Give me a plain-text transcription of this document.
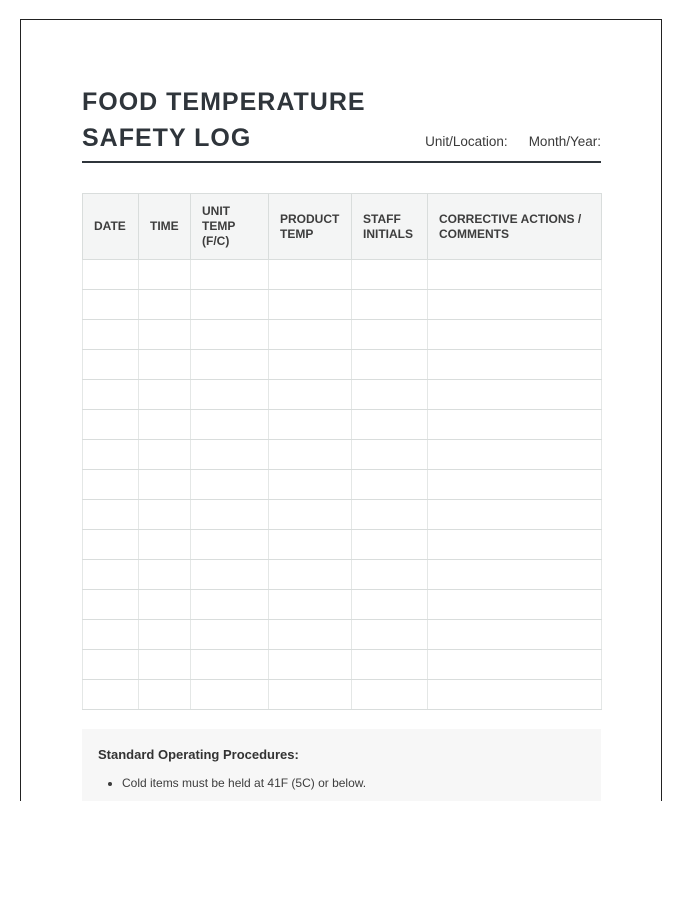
FOOD TEMPERATURE SAFETY LOG	Unit/Location: Month/Year:
DATE	TIME	UNIT TEMP (F/C)	PRODUCT TEMP	STAFF INITIALS	CORRECTIVE ACTIONS / COMMENTS

Standard Operating Procedures:

• Cold items must be held at 41F (5C) or below.
